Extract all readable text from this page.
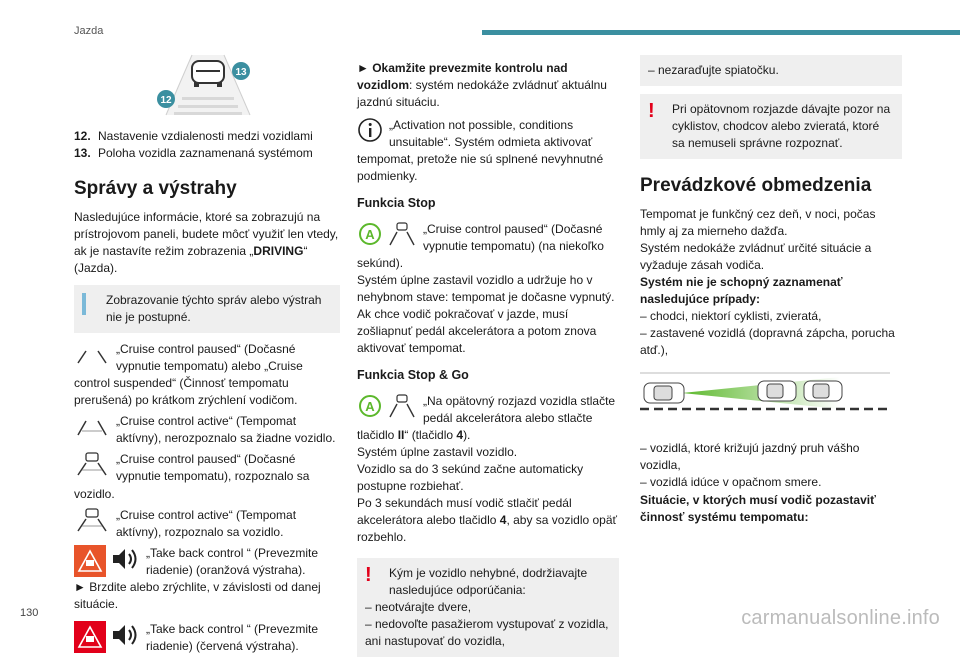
Jazda
13
12
12. Nastavenie vzdialenosti medzi vozidlami
13. Poloha vozidla zaznamenaná systémom
Správy a výstrahy

Nasledujúce informácie, ktoré sa zobrazujú na prístrojovom paneli, budete môcť využiť len vtedy, ak je nastavíte režim zobrazenia „DRIVING“ (Jazda).

Zobrazovanie týchto správ alebo výstrah nie je postupné.
„Cruise control paused“ (Dočasné vypnutie tempomatu) alebo „Cruise control suspended“ (Činnosť tempomatu prerušená) po krátkom zrýchlení vodičom.
„Cruise control active“ (Tempomat aktívny), nerozpoznalo sa žiadne vozidlo.
„Cruise control paused“ (Dočasné vypnutie tempomatu), rozpoznalo sa vozidlo.
„Cruise control active“ (Tempomat aktívny), rozpoznalo sa vozidlo.
„Take back control “ (Prevezmite riadenie) (oranžová výstraha).

► Brzdite alebo zrýchlite, v závislosti od danej situácie.

„Take back control “ (Prevezmite riadenie) (červená výstraha).

► Okamžite prevezmite kontrolu nad vozidlom: systém nedokáže zvládnuť aktuálnu jazdnú situáciu.

„Activation not possible, conditions unsuitable“. Systém odmieta aktivovať tempomat, pretože nie sú splnené nevyhnutné podmienky.
Funkcia Stop
A	„Cruise control paused“ (Dočasné vypnutie tempomatu) (na niekoľko sekúnd).

Systém úplne zastavil vozidlo a udržuje ho v nehybnom stave: tempomat je dočasne vypnutý. Ak chce vodič pokračovať v jazde, musí zošliapnuť pedál akcelerátora a potom znova aktivovať tempomat.

Funkcia Stop & Go
A	„Na opätovný rozjazd vozidla stlačte pedál akcelerátora alebo stlačte tlačidlo II“ (tlačidlo 4).

Systém úplne zastavil vozidlo.

Vozidlo sa do 3 sekúnd začne automaticky postupne rozbiehať.

Po 3 sekundách musí vodič stlačiť pedál akcelerátora alebo tlačidlo 4, aby sa vozidlo opäť rozbehlo.

!	Kým je vozidlo nehybné, dodržiavajte nasledujúce odporúčania:
– neotvárajte dvere,
– nedovoľte pasažierom vystupovať z vozidla, ani nastupovať do vozidla,
– nezaraďujte spiatočku.
!	Pri opätovnom rozjazde dávajte pozor na cyklistov, chodcov alebo zvieratá, ktoré sa nemuseli správne rozpoznať.
Prevádzkové obmedzenia

Tempomat je funkčný cez deň, v noci, počas hmly aj za mierneho dažďa.

Systém nedokáže zvládnuť určité situácie a vyžaduje zásah vodiča.

Systém nie je schopný zaznamenať nasledujúce prípady:

– chodci, niektorí cyklisti, zvieratá,

– zastavené vozidlá (dopravná zápcha, porucha atď.),

– vozidlá, ktoré križujú jazdný pruh vášho vozidla,

– vozidlá idúce v opačnom smere.

Situácie, v ktorých musí vodič pozastaviť činnosť systému tempomatu:

130	carmanualsonline.info
